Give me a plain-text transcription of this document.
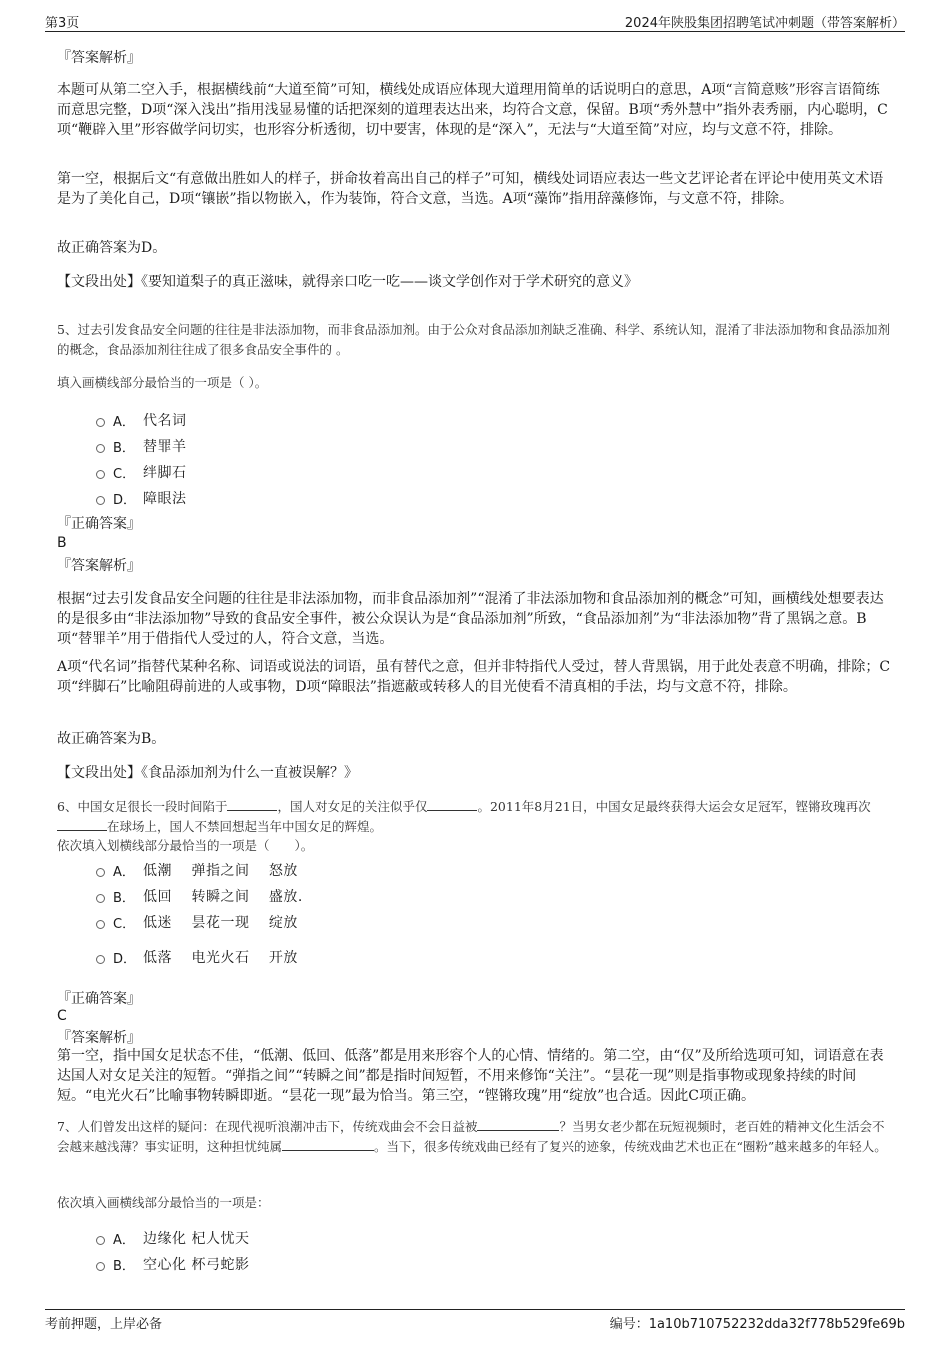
第3页	2024年陕股集团招聘笔试冲刺题（带答案解析）
『答案解析』
本题可从第二空入手，根据横线前“大道至简”可知，横线处成语应体现大道理用简单的话说明白的意思，A项“言简意赅”形容言语简练而意思完整，D项“深入浅出”指用浅显易懂的话把深刻的道理表达出来，均符合文意，保留。B项“秀外慧中”指外表秀丽，内心聪明，C项“鞭辟入里”形容做学问切实，也形容分析透彻，切中要害，体现的是“深入”，无法与“大道至简”对应，均与文意不符，排除。
第一空，根据后文“有意做出胜如人的样子，拼命妆着高出自己的样子”可知，横线处词语应表达一些文艺评论者在评论中使用英文术语是为了美化自己，D项“镶嵌”指以物嵌入，作为装饰，符合文意，当选。A项“藻饰”指用辞藻修饰，与文意不符，排除。
故正确答案为D。
【文段出处】《要知道梨子的真正滋味，就得亲口吃一吃——谈文学创作对于学术研究的意义》
5、过去引发食品安全问题的往往是非法添加物，而非食品添加剂。由于公众对食品添加剂缺乏准确、科学、系统认知，混淆了非法添加物和食品添加剂的概念，食品添加剂往往成了很多食品安全事件的 。
填入画横线部分最恰当的一项是（ ）。
A． 代名词
B． 替罪羊
C． 绊脚石
D． 障眼法
『正确答案』
B
『答案解析』
根据“过去引发食品安全问题的往往是非法添加物，而非食品添加剂”“混淆了非法添加物和食品添加剂的概念”可知，画横线处想要表达的是很多由“非法添加物”导致的食品安全事件，被公众误认为是“食品添加剂”所致，“食品添加剂”为“非法添加物”背了黑锅之意。B项“替罪羊”用于借指代人受过的人，符合文意，当选。
A项“代名词”指替代某种名称、词语或说法的词语，虽有替代之意，但并非特指代人受过，替人背黑锅，用于此处表意不明确，排除；C项“绊脚石”比喻阻碍前进的人或事物，D项“障眼法”指遮蔽或转移人的目光使看不清真相的手法，均与文意不符，排除。
故正确答案为B。
【文段出处】《食品添加剂为什么一直被误解？》
6、中国女足很长一段时间陷于	，国人对女足的关注似乎仅	。2011年8月21日，中国女足最终获得大运会女足冠军，铿锵玫瑰再次在球场上，国人不禁回想起当年中国女足的辉煌。
依次填入划横线部分最恰当的一项是（　　）。
A． 低潮　 弹指之间　 怒放
B． 低回　 转瞬之间　 盛放.
C． 低迷　 昙花一现　 绽放
D． 低落　 电光火石　 开放
『正确答案』
C
『答案解析』
第一空，指中国女足状态不佳，“低潮、低回、低落”都是用来形容个人的心情、情绪的。第二空，由“仅”及所给选项可知，词语意在表达国人对女足关注的短暂。“弹指之间”“转瞬之间”都是指时间短暂，不用来修饰“关注”。“昙花一现”则是指事物或现象持续的时间短。“电光火石”比喻事物转瞬即逝。“昙花一现”最为恰当。第三空，“铿锵玫瑰”用“绽放”也合适。因此C项正确。
7、人们曾发出这样的疑问：在现代视听浪潮冲击下，传统戏曲会不会日益被	？当男女老少都在玩短视频时，老百姓的精神文化生活会不会越来越浅薄？事实证明，这种担忧纯属	。当下，很多传统戏曲已经有了复兴的迹象，传统戏曲艺术也正在“圈粉”越来越多的年轻人。
依次填入画横线部分最恰当的一项是：
A． 边缘化 杞人忧天
B． 空心化 杯弓蛇影
考前押题，上岸必备	编号：1a10b710752232dda32f778b529fe69b
